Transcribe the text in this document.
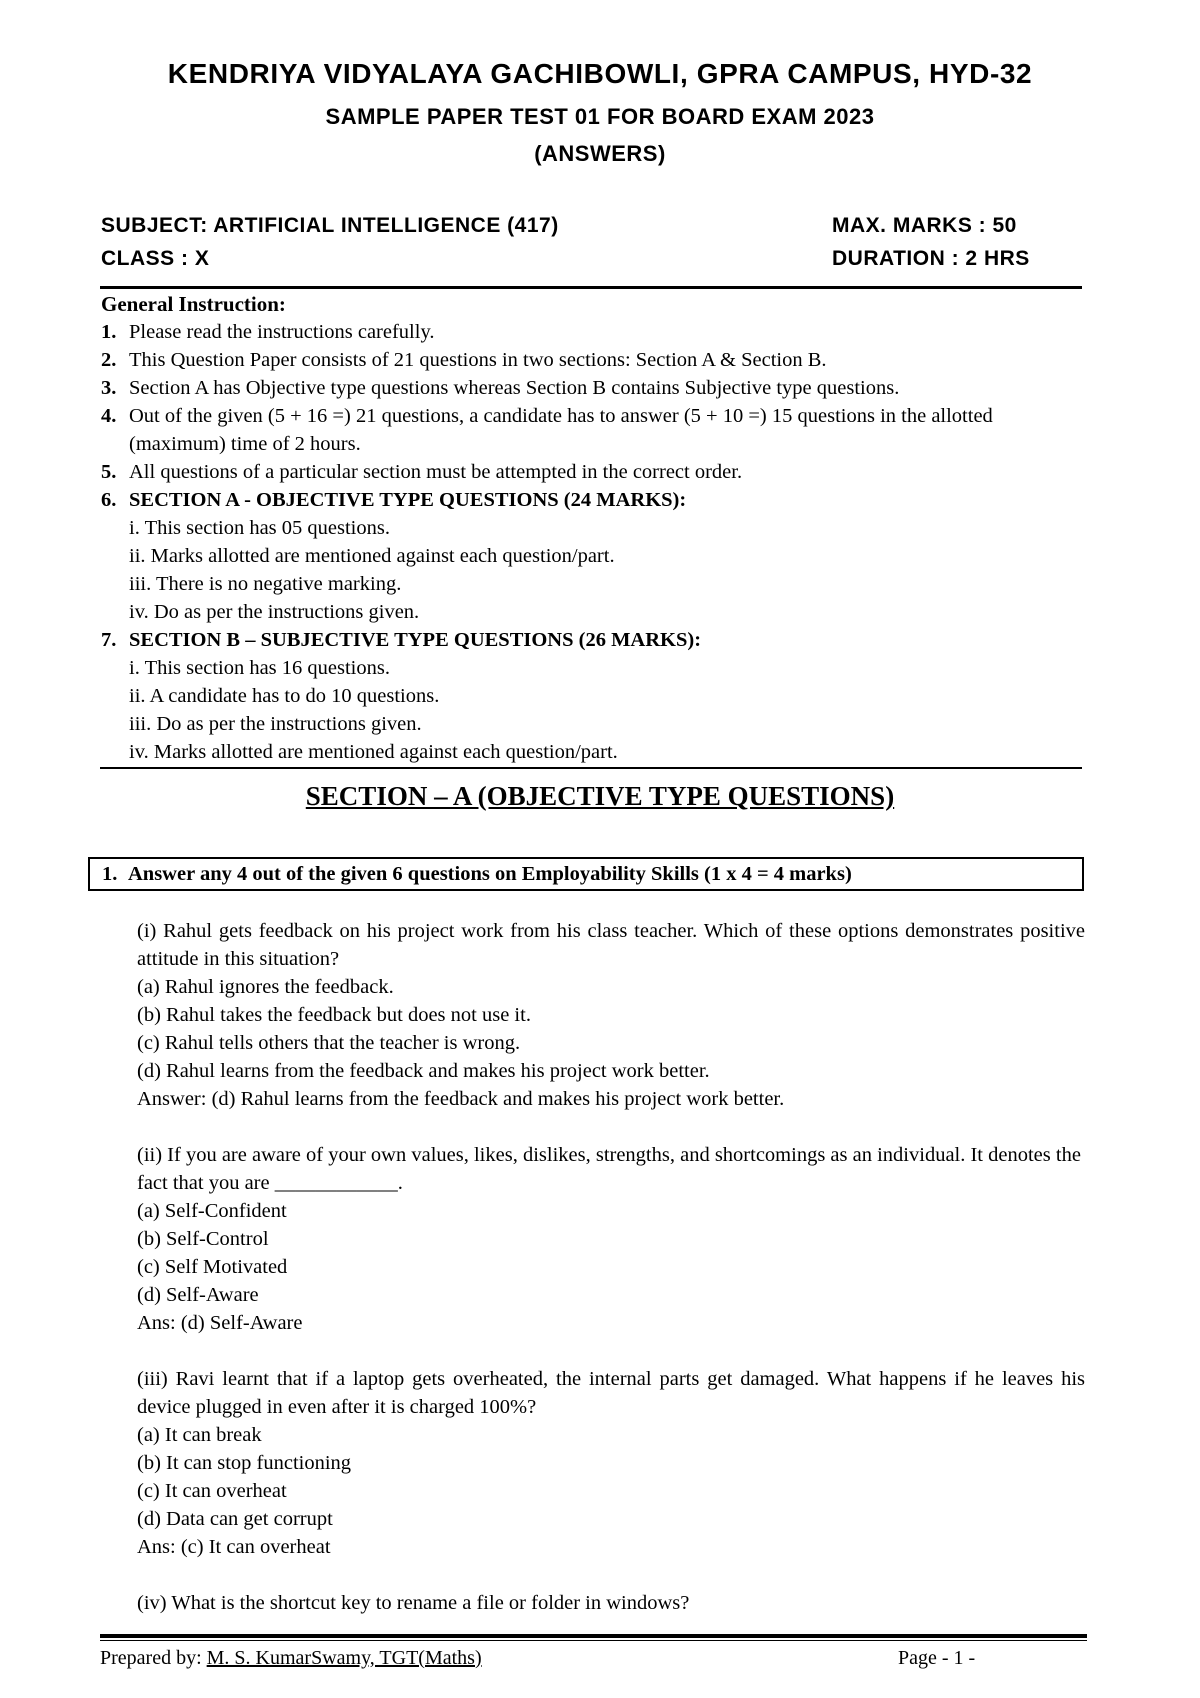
KENDRIYA VIDYALAYA GACHIBOWLI, GPRA CAMPUS, HYD-32
SAMPLE PAPER TEST 01 FOR BOARD EXAM 2023
(ANSWERS)
SUBJECT: ARTIFICIAL INTELLIGENCE (417)	MAX. MARKS : 50
CLASS : X	DURATION : 2 HRS
General Instruction:
1. Please read the instructions carefully.
2. This Question Paper consists of 21 questions in two sections: Section A & Section B.
3. Section A has Objective type questions whereas Section B contains Subjective type questions.
4. Out of the given (5 + 16 =) 21 questions, a candidate has to answer (5 + 10 =) 15 questions in the allotted (maximum) time of 2 hours.
5. All questions of a particular section must be attempted in the correct order.
6. SECTION A - OBJECTIVE TYPE QUESTIONS (24 MARKS):
i. This section has 05 questions.
ii. Marks allotted are mentioned against each question/part.
iii. There is no negative marking.
iv. Do as per the instructions given.
7. SECTION B – SUBJECTIVE TYPE QUESTIONS (26 MARKS):
i. This section has 16 questions.
ii. A candidate has to do 10 questions.
iii. Do as per the instructions given.
iv. Marks allotted are mentioned against each question/part.
SECTION – A (OBJECTIVE TYPE QUESTIONS)
1. Answer any 4 out of the given 6 questions on Employability Skills (1 x 4 = 4 marks)
(i) Rahul gets feedback on his project work from his class teacher. Which of these options demonstrates positive attitude in this situation?
(a) Rahul ignores the feedback.
(b) Rahul takes the feedback but does not use it.
(c) Rahul tells others that the teacher is wrong.
(d) Rahul learns from the feedback and makes his project work better.
Answer: (d) Rahul learns from the feedback and makes his project work better.
(ii) If you are aware of your own values, likes, dislikes, strengths, and shortcomings as an individual. It denotes the fact that you are ____________.
(a) Self-Confident
(b) Self-Control
(c) Self Motivated
(d) Self-Aware
Ans: (d) Self-Aware
(iii) Ravi learnt that if a laptop gets overheated, the internal parts get damaged. What happens if he leaves his device plugged in even after it is charged 100%?
(a) It can break
(b) It can stop functioning
(c) It can overheat
(d) Data can get corrupt
Ans: (c) It can overheat
(iv) What is the shortcut key to rename a file or folder in windows?
Prepared by: M. S. KumarSwamy, TGT(Maths)	Page - 1 -
